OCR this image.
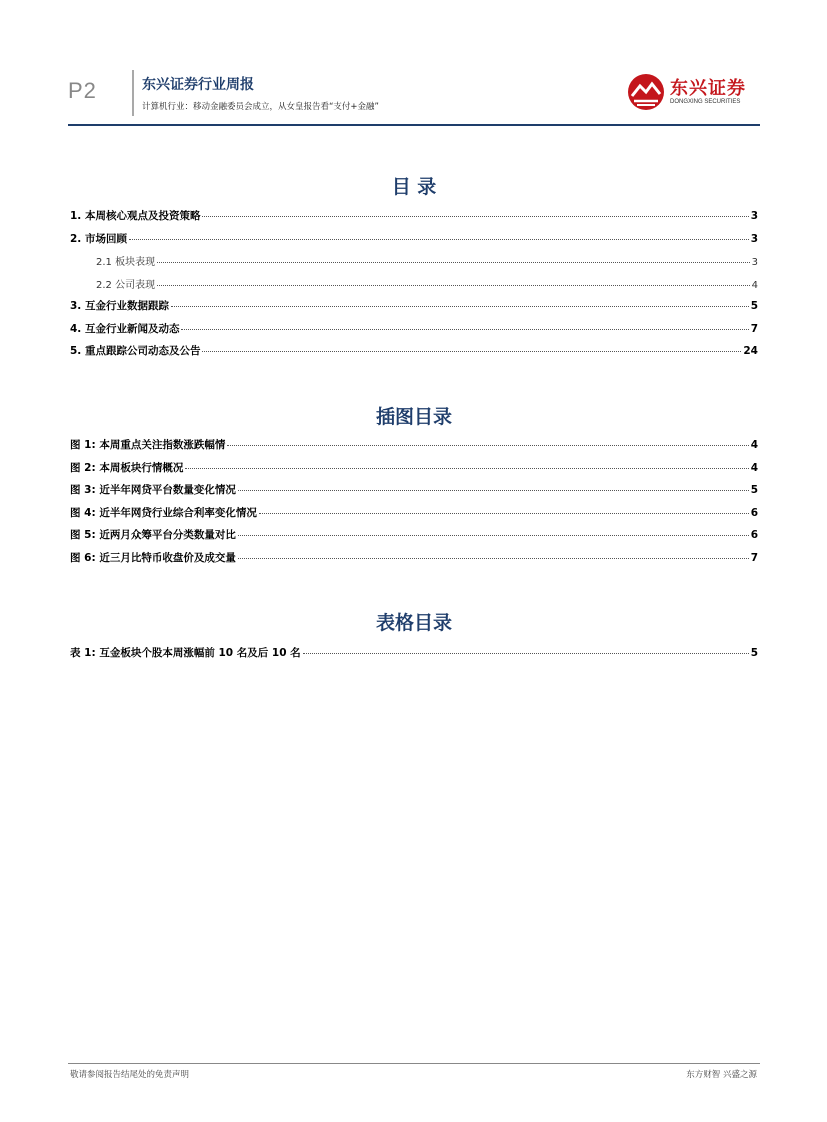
P2	东兴证券行业周报
计算机行业：移动金融委员会成立，从女皇报告看“支付+金融”
东兴证券
DONGXING SECURITIES
目 录
1. 本周核心观点及投资策略	3
2. 市场回顾	3
2.1 板块表现	3
2.2 公司表现	4
3. 互金行业数据跟踪	5
4. 互金行业新闻及动态	7
5. 重点跟踪公司动态及公告	24
插图目录
图 1: 本周重点关注指数涨跌幅情	4
图 2: 本周板块行情概况	4
图 3: 近半年网贷平台数量变化情况	5
图 4: 近半年网贷行业综合利率变化情况	6
图 5: 近两月众筹平台分类数量对比	6
图 6: 近三月比特币收盘价及成交量	7
表格目录
表 1: 互金板块个股本周涨幅前 10 名及后 10 名	5
敬请参阅报告结尾处的免责声明	东方财智 兴盛之源
